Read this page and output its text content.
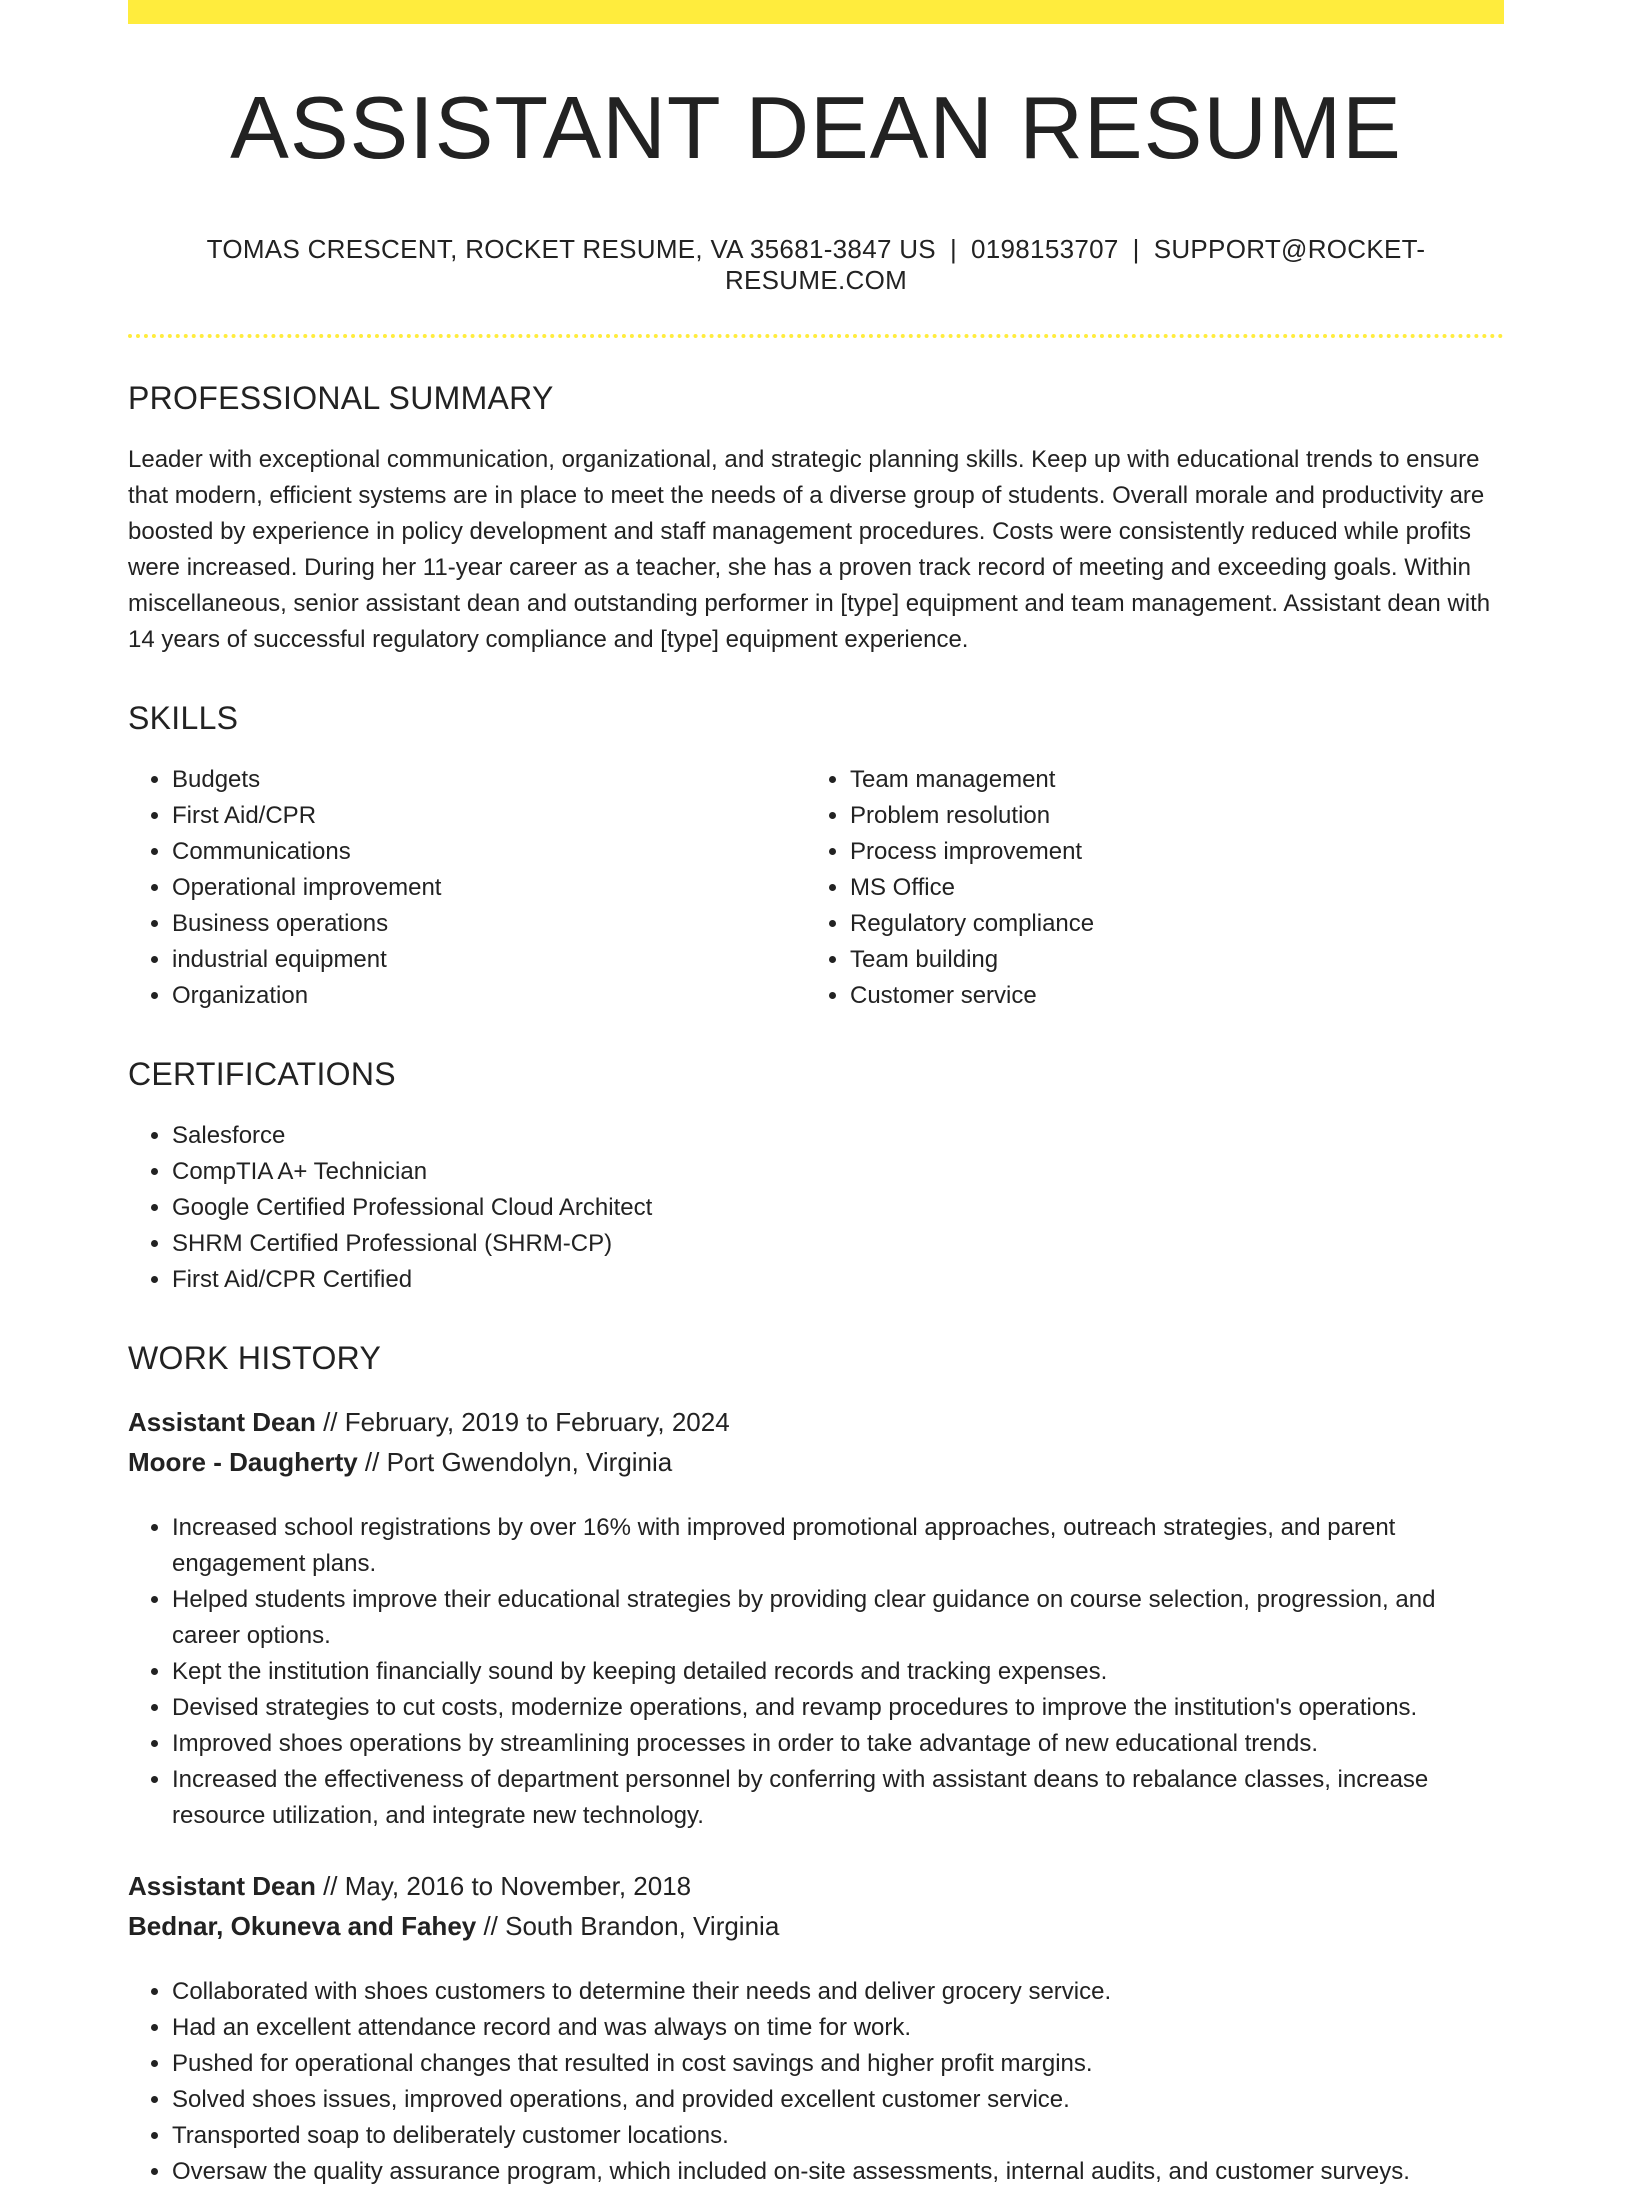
ASSISTANT DEAN RESUME
TOMAS CRESCENT, ROCKET RESUME, VA 35681-3847 US | 0198153707 | SUPPORT@ROCKET-RESUME.COM
PROFESSIONAL SUMMARY

Leader with exceptional communication, organizational, and strategic planning skills. Keep up with educational trends to ensure that modern, efficient systems are in place to meet the needs of a diverse group of students. Overall morale and productivity are boosted by experience in policy development and staff management procedures. Costs were consistently reduced while profits were increased. During her 11-year career as a teacher, she has a proven track record of meeting and exceeding goals. Within miscellaneous, senior assistant dean and outstanding performer in [type] equipment and team management. Assistant dean with 14 years of successful regulatory compliance and [type] equipment experience.

SKILLS
• Budgets
• First Aid/CPR
• Communications
• Operational improvement
• Business operations
• industrial equipment
• Organization
• Team management
• Problem resolution
• Process improvement
• MS Office
• Regulatory compliance
• Team building
• Customer service
CERTIFICATIONS
• Salesforce
• CompTIA A+ Technician
• Google Certified Professional Cloud Architect
• SHRM Certified Professional (SHRM-CP)
• First Aid/CPR Certified
WORK HISTORY
Assistant Dean // February, 2019 to February, 2024
Moore - Daugherty // Port Gwendolyn, Virginia
• Increased school registrations by over 16% with improved promotional approaches, outreach strategies, and parent engagement plans.
• Helped students improve their educational strategies by providing clear guidance on course selection, progression, and career options.
• Kept the institution financially sound by keeping detailed records and tracking expenses.
• Devised strategies to cut costs, modernize operations, and revamp procedures to improve the institution's operations.
• Improved shoes operations by streamlining processes in order to take advantage of new educational trends.
• Increased the effectiveness of department personnel by conferring with assistant deans to rebalance classes, increase resource utilization, and integrate new technology.
Assistant Dean // May, 2016 to November, 2018
Bednar, Okuneva and Fahey // South Brandon, Virginia
• Collaborated with shoes customers to determine their needs and deliver grocery service.
• Had an excellent attendance record and was always on time for work.
• Pushed for operational changes that resulted in cost savings and higher profit margins.
• Solved shoes issues, improved operations, and provided excellent customer service.
• Transported soap to deliberately customer locations.
• Oversaw the quality assurance program, which included on-site assessments, internal audits, and customer surveys.
